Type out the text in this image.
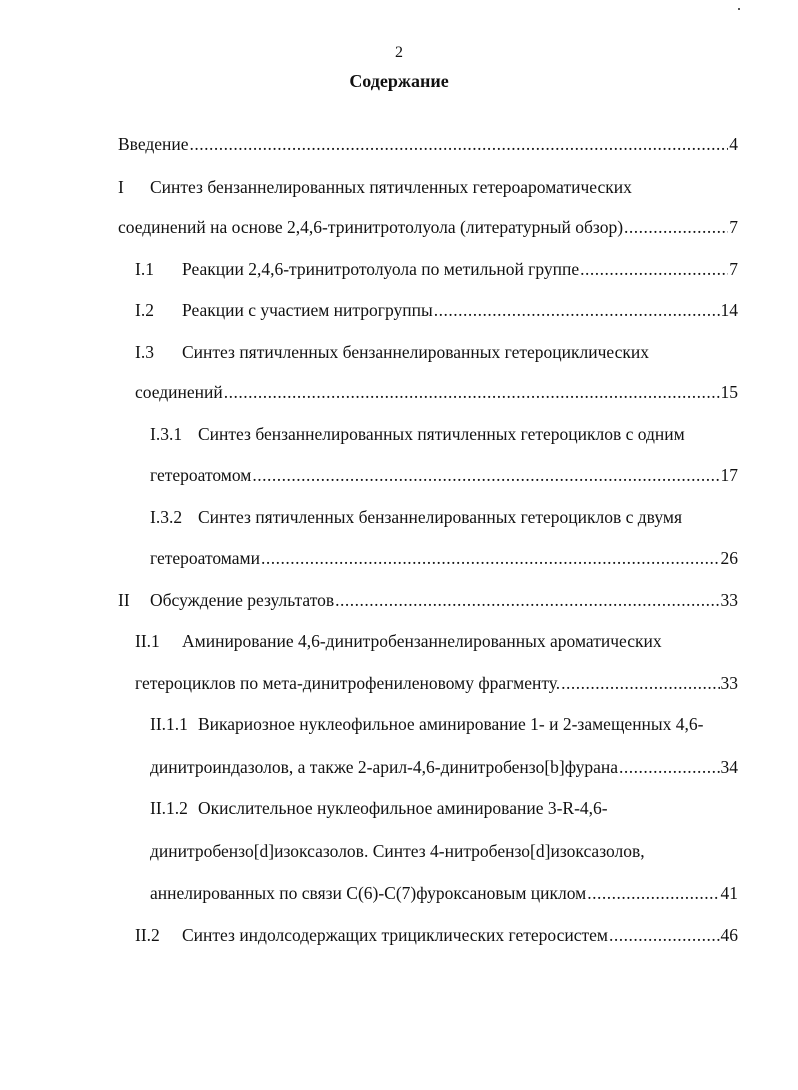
2
Содержание
Введение .....	4
I Синтез бензаннелированных пятичленных гетероароматических
соединений на основе 2,4,6-тринитротолуола (литературный обзор) .....	7
I.1 Реакции 2,4,6-тринитротолуола по метильной группе .....	7
I.2 Реакции с участием нитрогруппы .....	14
I.3 Синтез пятичленных бензаннелированных гетероциклических
соединений .....	15
I.3.1 Синтез бензаннелированных пятичленных гетероциклов с одним
гетероатомом .....	17
I.3.2 Синтез пятичленных бензаннелированных гетероциклов с двумя
гетероатомами .....	26
II Обсуждение результатов .....	33
II.1 Аминирование 4,6-динитробензаннелированных ароматических
гетероциклов по мета-динитрофениленовому фрагменту. .....	33
II.1.1 Викариозное нуклеофильное аминирование 1- и 2-замещенных 4,6-
динитроиндазолов, а также 2-арил-4,6-динитробензо[b]фурана .....	34
II.1.2 Окислительное нуклеофильное аминирование 3-R-4,6-
динитробензо[d]изоксазолов. Синтез 4-нитробензо[d]изоксазолов,
аннелированных по связи C(6)-C(7)фуроксановым циклом .....	41
II.2 Синтез индолсодержащих трициклических гетеросистем .....	46
